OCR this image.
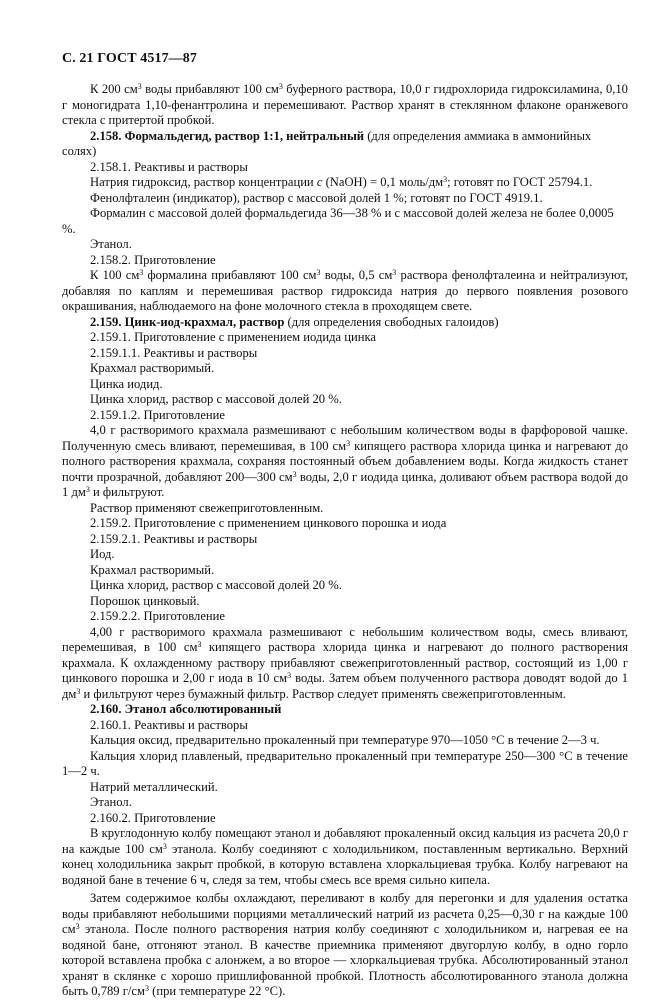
С. 21 ГОСТ 4517—87

К 200 $см^3$ воды прибавляют 100 $см^3$ буферного раствора, 10,0 г гидрохлорида гидроксиламина, 0,10 г моногидрата 1,10-фенантролина и перемешивают. Раствор хранят в стеклянном флаконе оранжевого стекла с притертой пробкой.

2.158. Формальдегид, раствор 1:1, нейтральный (для определения аммиака в аммонийных солях)

2.158.1. Реактивы и растворы

Натрия гидроксид, раствор концентрации c (NaOH) = 0,1 моль/$дм^3$; готовят по ГОСТ 25794.1.

Фенолфталеин (индикатор), раствор с массовой долей 1 %; готовят по ГОСТ 4919.1.

Формалин с массовой долей формальдегида 36—38 % и с массовой долей железа не более 0,0005 %.

Этанол.

2.158.2. Приготовление

К 100 $см^3$ формалина прибавляют 100 $см^3$ воды, 0,5 $см^3$ раствора фенолфталеина и нейтрализуют, добавляя по каплям и перемешивая раствор гидроксида натрия до первого появления розового окрашивания, наблюдаемого на фоне молочного стекла в проходящем свете.

2.159. Цинк-иод-крахмал, раствор (для определения свободных галоидов)

2.159.1. Приготовление с применением иодида цинка

2.159.1.1. Реактивы и растворы

Крахмал растворимый.

Цинка иодид.

Цинка хлорид, раствор с массовой долей 20 %.

2.159.1.2. Приготовление

4,0 г растворимого крахмала размешивают с небольшим количеством воды в фарфоровой чашке. Полученную смесь вливают, перемешивая, в 100 $см^3$ кипящего раствора хлорида цинка и нагревают до полного растворения крахмала, сохраняя постоянный объем добавлением воды. Когда жидкость станет почти прозрачной, добавляют 200—300 $см^3$ воды, 2,0 г иодида цинка, доливают объем раствора водой до 1 $дм^3$ и фильтруют.

Раствор применяют свежеприготовленным.

2.159.2. Приготовление с применением цинкового порошка и иода

2.159.2.1. Реактивы и растворы

Иод.

Крахмал растворимый.

Цинка хлорид, раствор с массовой долей 20 %.

Порошок цинковый.

2.159.2.2. Приготовление

4,00 г растворимого крахмала размешивают с небольшим количеством воды, смесь вливают, перемешивая, в 100 $см^3$ кипящего раствора хлорида цинка и нагревают до полного растворения крахмала. К охлажденному раствору прибавляют свежеприготовленный раствор, состоящий из 1,00 г цинкового порошка и 2,00 г иода в 10 $см^3$ воды. Затем объем полученного раствора доводят водой до 1 $дм^3$ и фильтруют через бумажный фильтр. Раствор следует применять свежеприготовленным.

2.160. Этанол абсолютированный

2.160.1. Реактивы и растворы

Кальция оксид, предварительно прокаленный при температуре 970—1050 °С в течение 2—3 ч.

Кальция хлорид плавленый, предварительно прокаленный при температуре 250—300 °С в течение 1—2 ч.

Натрий металлический.

Этанол.

2.160.2. Приготовление

В круглодонную колбу помещают этанол и добавляют прокаленный оксид кальция из расчета 20,0 г на каждые 100 $см^3$ этанола. Колбу соединяют с холодильником, поставленным вертикально. Верхний конец холодильника закрыт пробкой, в которую вставлена хлоркальциевая трубка. Колбу нагревают на водяной бане в течение 6 ч, следя за тем, чтобы смесь все время сильно кипела.

Затем содержимое колбы охлаждают, переливают в колбу для перегонки и для удаления остатка воды прибавляют небольшими порциями металлический натрий из расчета 0,25—0,30 г на каждые 100 $см^3$ этанола. После полного растворения натрия колбу соединяют с холодильником и, нагревая ее на водяной бане, отгоняют этанол. В качестве приемника применяют двугорлую колбу, в одно горло которой вставлена пробка с алонжем, а во второе — хлоркальциевая трубка. Абсолютированный этанол хранят в склянке с хорошо пришлифованной пробкой. Плотность абсолютированного этанола должна быть 0,789 $г/см^3$ (при температуре 22 °С).
